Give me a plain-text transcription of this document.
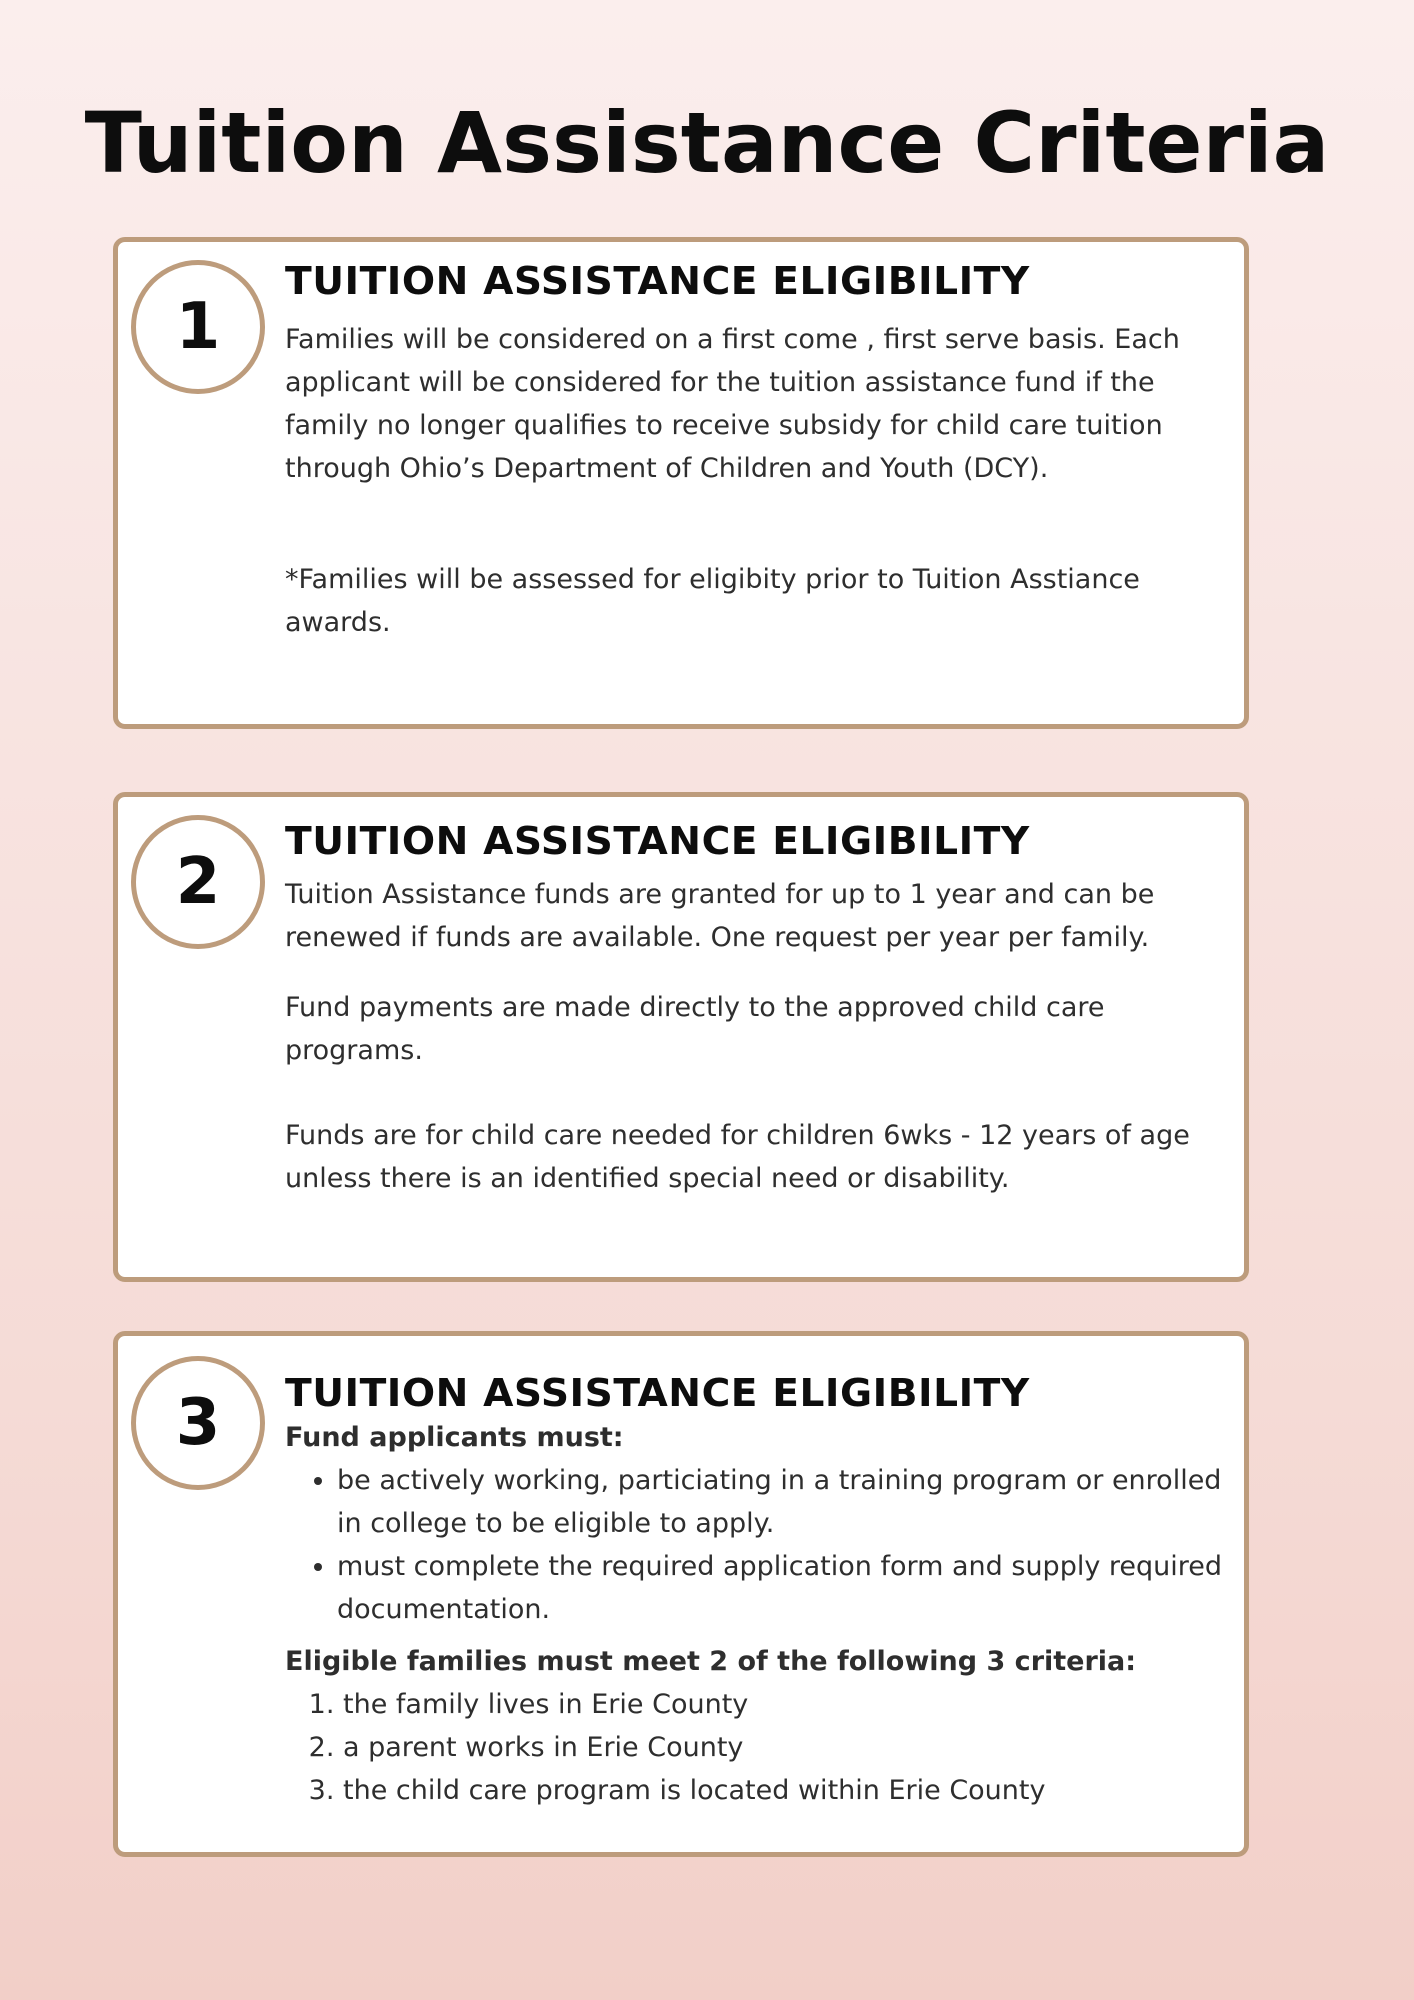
Tuition Assistance Criteria
1
TUITION ASSISTANCE ELIGIBILITY

Families will be considered on a first come , first serve basis. Each applicant will be considered for the tuition assistance fund if the family no longer qualifies to receive subsidy for child care tuition through Ohio’s Department of Children and Youth (DCY).

*Families will be assessed for eligibity prior to Tuition Asstiance awards.

2
TUITION ASSISTANCE ELIGIBILITY

Tuition Assistance funds are granted for up to 1 year and can be renewed if funds are available. One request per year per family.

Fund payments are made directly to the approved child care programs.

Funds are for child care needed for children 6wks - 12 years of age unless there is an identified special need or disability.

3	TUITION ASSISTANCE ELIGIBILITY
Fund applicants must:
• be actively working, particiating in a training program or enrolled in college to be eligible to apply.
• must complete the required application form and supply required documentation.
Eligible families must meet 2 of the following 3 criteria:
1. the family lives in Erie County
2. a parent works in Erie County
3. the child care program is located within Erie County
